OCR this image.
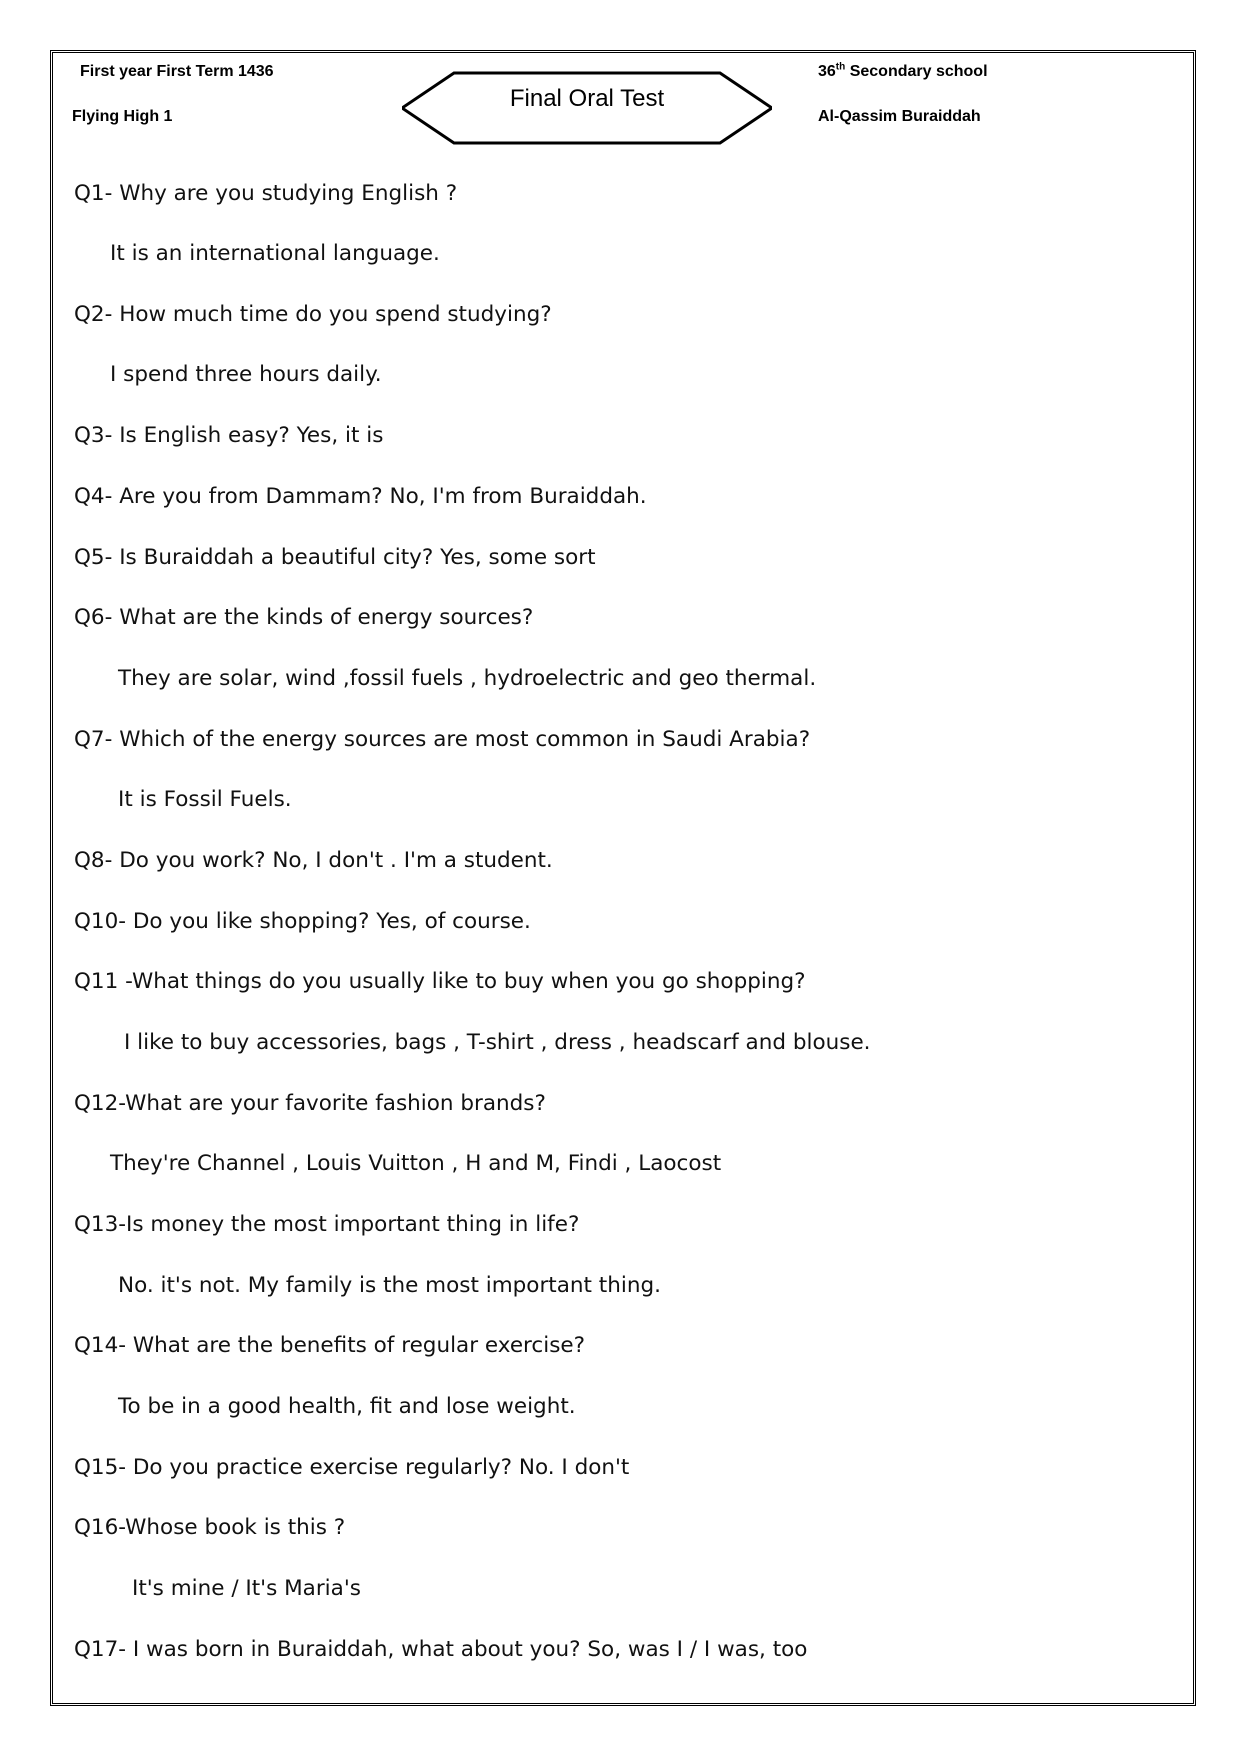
First year First Term 1436
Flying High 1
Final Oral Test
36th Secondary school
Al-Qassim Buraiddah
Q1- Why are you studying English ?
It is an international language.
Q2- How much time do you spend studying?
I spend three hours daily.
Q3- Is English easy? Yes, it is
Q4- Are you from Dammam? No, I'm from Buraiddah.
Q5- Is Buraiddah a beautiful city? Yes, some sort
Q6- What are the kinds of energy sources?
They are solar, wind ,fossil fuels , hydroelectric and geo thermal.
Q7- Which of the energy sources are most common in Saudi Arabia?
It is Fossil Fuels.
Q8- Do you work? No, I don't . I'm a student.
Q10- Do you like shopping? Yes, of course.
Q11 -What things do you usually like to buy when you go shopping?
I like to buy accessories, bags , T-shirt , dress , headscarf and blouse.
Q12-What are your favorite fashion brands?
They're Channel , Louis Vuitton , H and M, Findi , Laocost
Q13-Is money the most important thing in life?
No. it's not. My family is the most important thing.
Q14- What are the benefits of regular exercise?
To be in a good health, fit and lose weight.
Q15- Do you practice exercise regularly? No. I don't
Q16-Whose book is this ?
It's mine / It's Maria's
Q17- I was born in Buraiddah, what about you? So, was I / I was, too
